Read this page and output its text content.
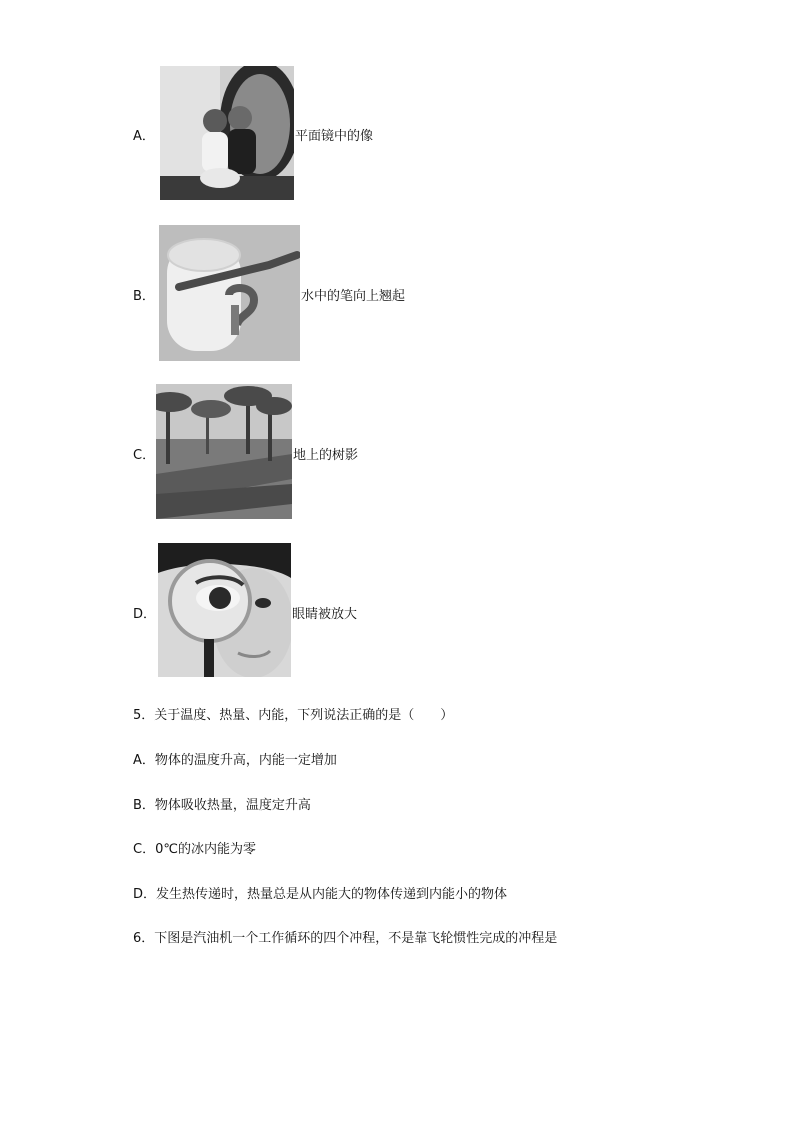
A．	平面镜中的像
B．	水中的笔向上翘起
C．	地上的树影
D．	眼睛被放大
5．关于温度、热量、内能，下列说法正确的是（　　）
A．物体的温度升高，内能一定增加
B．物体吸收热量，温度定升高
C．0℃的冰内能为零
D．发生热传递时，热量总是从内能大的物体传递到内能小的物体
6．下图是汽油机一个工作循环的四个冲程，不是靠飞轮惯性完成的冲程是
